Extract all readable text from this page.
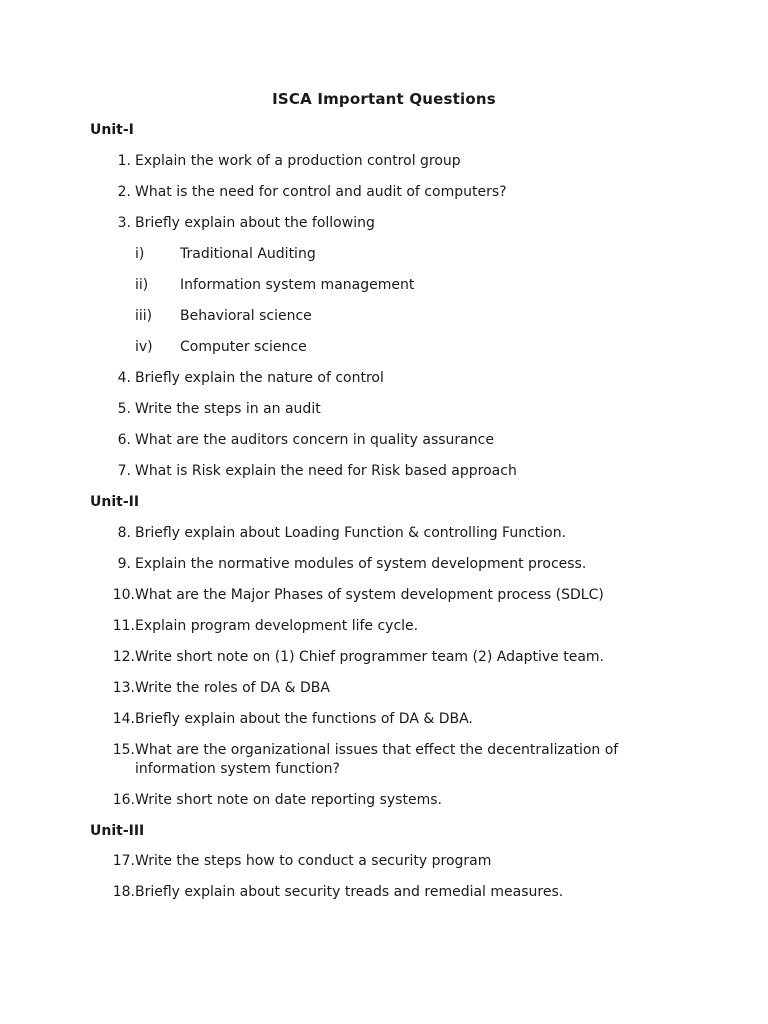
ISCA Important Questions
Unit-I
1. Explain the work of a production control group
2. What is the need for control and audit of computers?
3. Briefly explain about the following
i)	Traditional Auditing
ii) Information system management
iii) Behavioral science
iv) Computer science
4. Briefly explain the nature of control
5. Write the steps in an audit
6. What are the auditors concern in quality assurance
7. What is Risk explain the need for Risk based approach
Unit-II
8. Briefly explain about Loading Function & controlling Function.
9. Explain the normative modules of system development process.
10. What are the Major Phases of system development process (SDLC)
11. Explain program development life cycle.
12. Write short note on (1) Chief programmer team (2) Adaptive team.
13. Write the roles of DA & DBA
14. Briefly explain about the functions of DA & DBA.
15. What are the organizational issues that effect the decentralization of information system function?
16. Write short note on date reporting systems.
Unit-III
17. Write the steps how to conduct a security program
18. Briefly explain about security treads and remedial measures.
